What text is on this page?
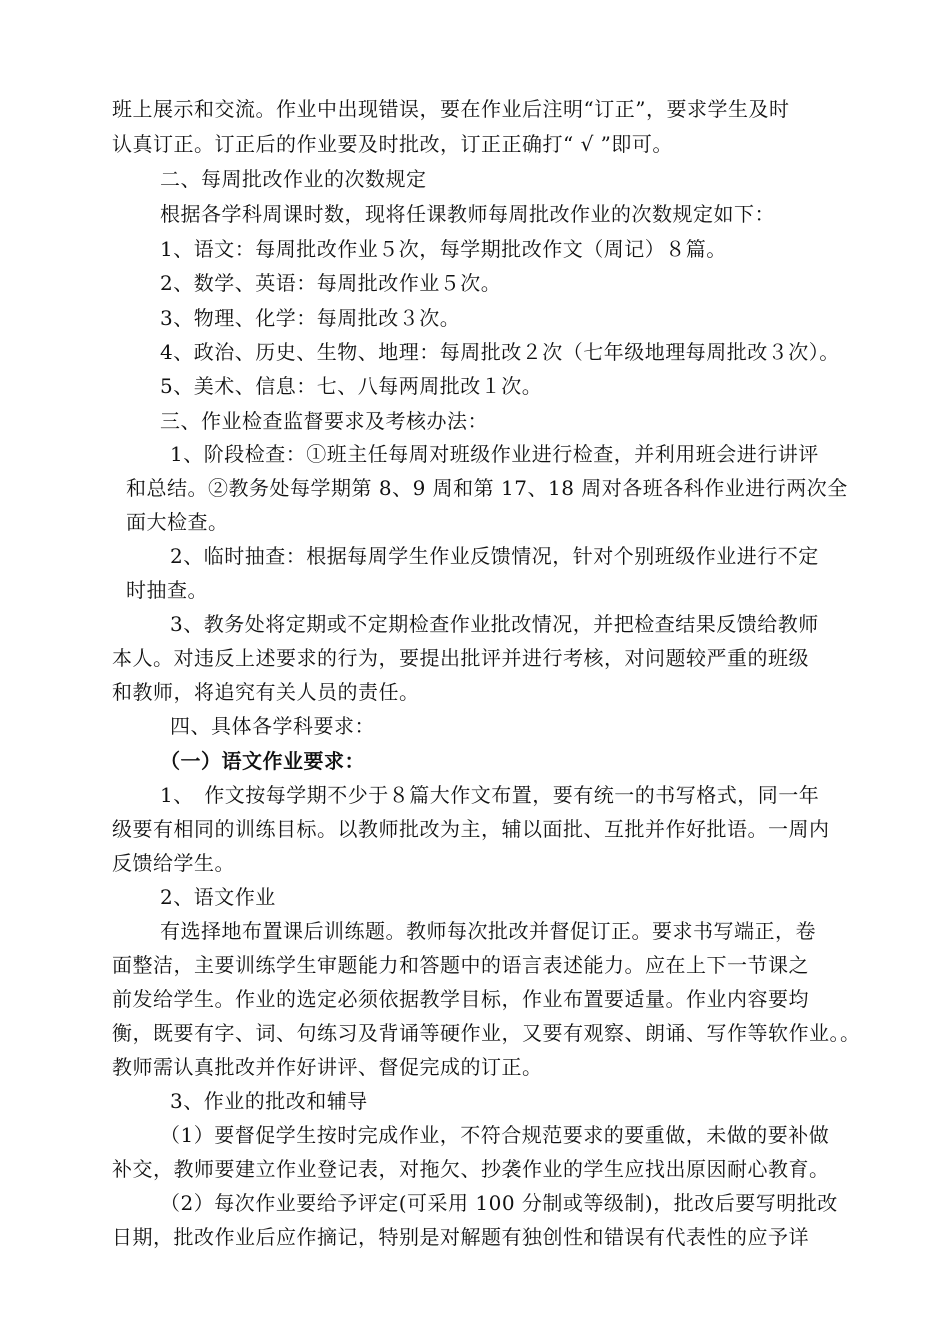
班上展示和交流。作业中出现错误，要在作业后注明“订正”，要求学生及时
认真订正。订正后的作业要及时批改，订正正确打“ √ ”即可。
二、每周批改作业的次数规定
根据各学科周课时数，现将任课教师每周批改作业的次数规定如下：
1、语文：每周批改作业５次，每学期批改作文（周记）８篇。
2、数学、英语：每周批改作业５次。
3、物理、化学：每周批改３次。
4、政治、历史、生物、地理：每周批改２次（七年级地理每周批改３次）。
5、美术、信息：七、八每两周批改１次。
三、作业检查监督要求及考核办法：
1、阶段检查：①班主任每周对班级作业进行检查，并利用班会进行讲评
和总结。②教务处每学期第 8、9 周和第 17、18 周对各班各科作业进行两次全
面大检查。
2、临时抽查：根据每周学生作业反馈情况，针对个别班级作业进行不定
时抽查。
3、教务处将定期或不定期检查作业批改情况，并把检查结果反馈给教师
本人。对违反上述要求的行为，要提出批评并进行考核，对问题较严重的班级
和教师，将追究有关人员的责任。
四、具体各学科要求：
（一）语文作业要求：
1、　作文按每学期不少于８篇大作文布置，要有统一的书写格式，同一年
级要有相同的训练目标。以教师批改为主，辅以面批、互批并作好批语。一周内
反馈给学生。
2、语文作业
有选择地布置课后训练题。教师每次批改并督促订正。要求书写端正，卷
面整洁，主要训练学生审题能力和答题中的语言表述能力。应在上下一节课之
前发给学生。作业的选定必须依据教学目标，作业布置要适量。作业内容要均
衡，既要有字、词、句练习及背诵等硬作业，又要有观察、朗诵、写作等软作业。。
教师需认真批改并作好讲评、督促完成的订正。
3、作业的批改和辅导
（1）要督促学生按时完成作业，不符合规范要求的要重做，未做的要补做
补交，教师要建立作业登记表，对拖欠、抄袭作业的学生应找出原因耐心教育。
（2）每次作业要给予评定(可采用 100 分制或等级制)，批改后要写明批改
日期，批改作业后应作摘记，特别是对解题有独创性和错误有代表性的应予详
